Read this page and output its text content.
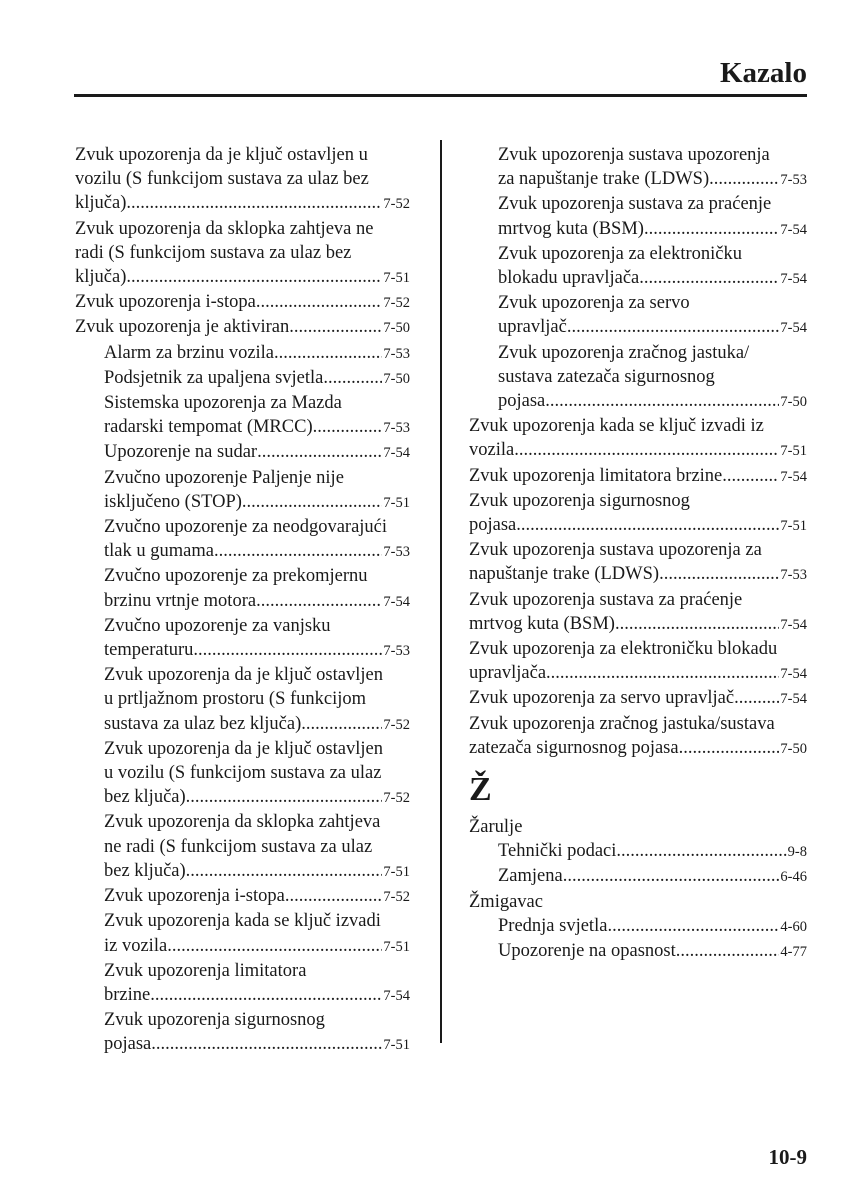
Kazalo
Zvuk upozorenja da je ključ ostavljen u
vozilu (S funkcijom sustava za ulaz bez
ključa) .....	7-52
Zvuk upozorenja da sklopka zahtjeva ne
radi (S funkcijom sustava za ulaz bez
ključa) .....	7-51
Zvuk upozorenja i-stopa .....	7-52
Zvuk upozorenja je aktiviran .....	7-50
Alarm za brzinu vozila .....	7-53
Podsjetnik za upaljena svjetla .....	7-50
Sistemska upozorenja za Mazda
radarski tempomat (MRCC) .....	7-53
Upozorenje na sudar .....	7-54
Zvučno upozorenje Paljenje nije
isključeno (STOP) .....	7-51
Zvučno upozorenje za neodgovarajući
tlak u gumama .....	7-53
Zvučno upozorenje za prekomjernu
brzinu vrtnje motora .....	7-54
Zvučno upozorenje za vanjsku
temperaturu .....	7-53
Zvuk upozorenja da je ključ ostavljen
u prtljažnom prostoru (S funkcijom
sustava za ulaz bez ključa) .....	7-52
Zvuk upozorenja da je ključ ostavljen
u vozilu (S funkcijom sustava za ulaz
bez ključa) .....	7-52
Zvuk upozorenja da sklopka zahtjeva
ne radi (S funkcijom sustava za ulaz
bez ključa) .....	7-51
Zvuk upozorenja i-stopa .....	7-52
Zvuk upozorenja kada se ključ izvadi
iz vozila .....	7-51
Zvuk upozorenja limitatora
brzine .....	7-54
Zvuk upozorenja sigurnosnog
pojasa .....	7-51
Zvuk upozorenja sustava upozorenja
za napuštanje trake (LDWS) .....	7-53
Zvuk upozorenja sustava za praćenje
mrtvog kuta (BSM) .....	7-54
Zvuk upozorenja za elektroničku
blokadu upravljača .....	7-54
Zvuk upozorenja za servo
upravljač .....	7-54
Zvuk upozorenja zračnog jastuka/
sustava zatezača sigurnosnog
pojasa .....	7-50
Zvuk upozorenja kada se ključ izvadi iz
vozila .....	7-51
Zvuk upozorenja limitatora brzine .....	7-54
Zvuk upozorenja sigurnosnog
pojasa .....	7-51
Zvuk upozorenja sustava upozorenja za
napuštanje trake (LDWS) .....	7-53
Zvuk upozorenja sustava za praćenje
mrtvog kuta (BSM) .....	7-54
Zvuk upozorenja za elektroničku blokadu
upravljača .....	7-54
Zvuk upozorenja za servo upravljač .....	7-54
Zvuk upozorenja zračnog jastuka/sustava
zatezača sigurnosnog pojasa .....	7-50
Ž
Žarulje
Tehnički podaci .....	9-8
Zamjena .....	6-46
Žmigavac
Prednja svjetla .....	4-60
Upozorenje na opasnost .....	4-77
10-9
